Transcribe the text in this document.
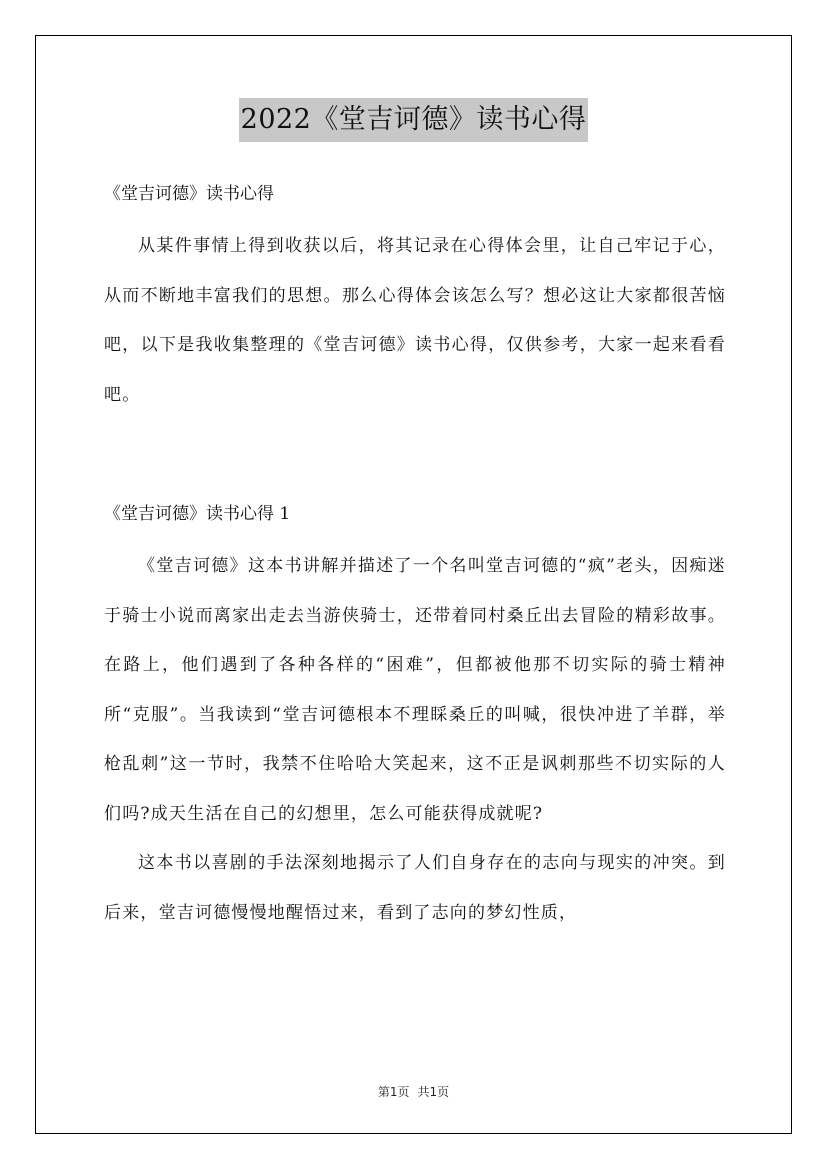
2022《堂吉诃德》读书心得

《堂吉诃德》读书心得

从某件事情上得到收获以后，将其记录在心得体会里，让自己牢记于心，从而不断地丰富我们的思想。那么心得体会该怎么写？想必这让大家都很苦恼吧，以下是我收集整理的《堂吉诃德》读书心得，仅供参考，大家一起来看看吧。

《堂吉诃德》读书心得 1

《堂吉诃德》这本书讲解并描述了一个名叫堂吉诃德的“疯”老头，因痴迷于骑士小说而离家出走去当游侠骑士，还带着同村桑丘出去冒险的精彩故事。在路上，他们遇到了各种各样的“困难”，但都被他那不切实际的骑士精神所“克服”。当我读到“堂吉诃德根本不理睬桑丘的叫喊，很快冲进了羊群，举枪乱刺”这一节时，我禁不住哈哈大笑起来，这不正是讽刺那些不切实际的人们吗?成天生活在自己的幻想里，怎么可能获得成就呢?

这本书以喜剧的手法深刻地揭示了人们自身存在的志向与现实的冲突。到后来，堂吉诃德慢慢地醒悟过来，看到了志向的梦幻性质，

第1页 共1页
